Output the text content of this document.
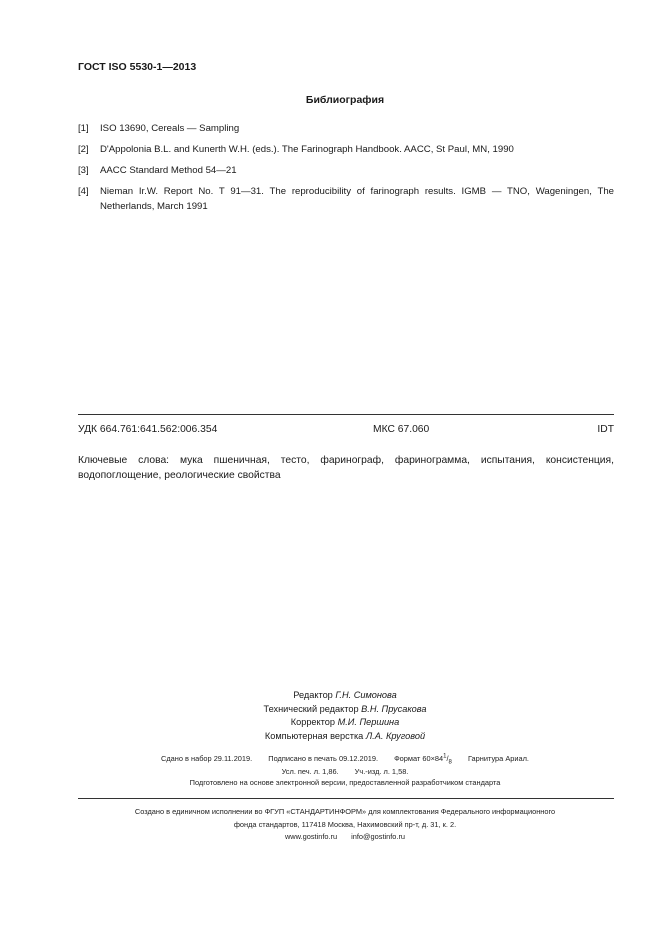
ГОСТ ISO 5530-1—2013
Библиография
[1]	ISO 13690, Cereals — Sampling
[2]	D'Appolonia B.L. and Kunerth W.H. (eds.). The Farinograph Handbook. AACC, St Paul, MN, 1990
[3]	AACC Standard Method 54—21
[4]	Nieman Ir.W. Report No. T 91—31. The reproducibility of farinograph results. IGMB — TNO, Wageningen, The Netherlands, March 1991
УДК 664.761:641.562:006.354	МКС 67.060	IDT
Ключевые слова: мука пшеничная, тесто, фаринограф, фаринограмма, испытания, консистенция,
водопоглощение, реологические свойства
Редактор Г.Н. Симонова
Технический редактор В.Н. Прусакова
Корректор М.И. Першина
Компьютерная верстка Л.А. Круговой
Сдано в набор 29.11.2019. Подписано в печать 09.12.2019. Формат $60\times 84^1/_8$ Гарнитура Ариал.
Усл. печ. л. 1,86. Уч.-изд. л. 1,58.
Подготовлено на основе электронной версии, предоставленной разработчиком стандарта
Создано в единичном исполнении во ФГУП «СТАНДАРТИНФОРМ» для комплектования Федерального информационного
фонда стандартов, 117418 Москва, Нахимовский пр-т, д. 31, к. 2.
www.gostinfo.ru info@gostinfo.ru
